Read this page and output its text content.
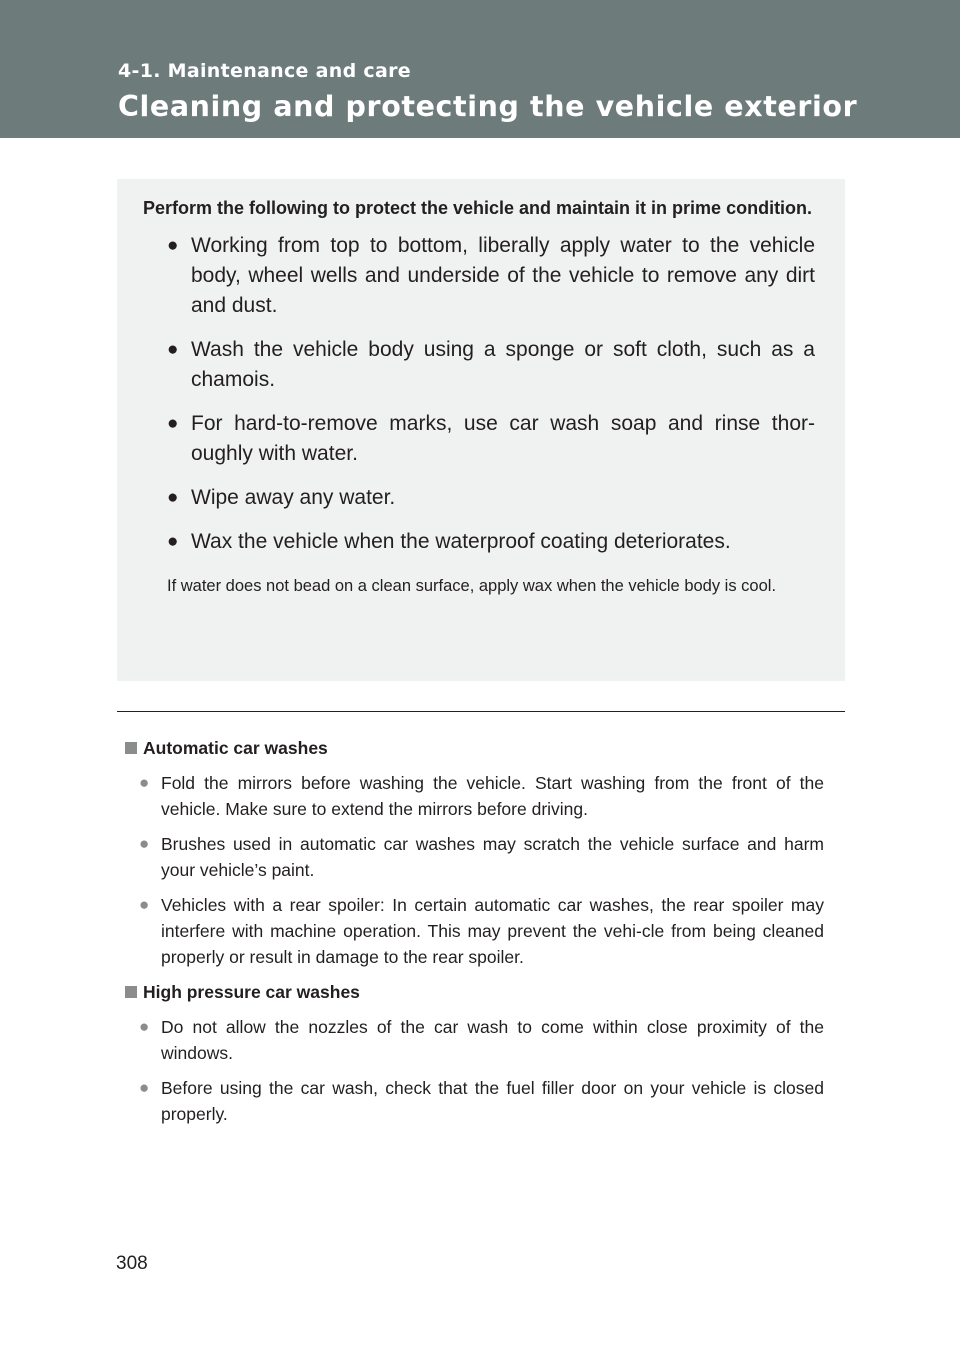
4-1. Maintenance and care
Cleaning and protecting the vehicle exterior

Perform the following to protect the vehicle and maintain it in prime condition.

● Working from top to bottom, liberally apply water to the vehicle body, wheel wells and underside of the vehicle to remove any dirt and dust.
● Wash the vehicle body using a sponge or soft cloth, such as a chamois.
● For hard-to-remove marks, use car wash soap and rinse thor-oughly with water.
● Wipe away any water.
● Wax the vehicle when the waterproof coating deteriorates.

If water does not bead on a clean surface, apply wax when the vehicle body is cool.

Automatic car washes
● Fold the mirrors before washing the vehicle. Start washing from the front of the vehicle. Make sure to extend the mirrors before driving.
● Brushes used in automatic car washes may scratch the vehicle surface and harm your vehicle’s paint.
● Vehicles with a rear spoiler: In certain automatic car washes, the rear spoiler may interfere with machine operation. This may prevent the vehi-cle from being cleaned properly or result in damage to the rear spoiler.
High pressure car washes
● Do not allow the nozzles of the car wash to come within close proximity of the windows.
● Before using the car wash, check that the fuel filler door on your vehicle is closed properly.
308
